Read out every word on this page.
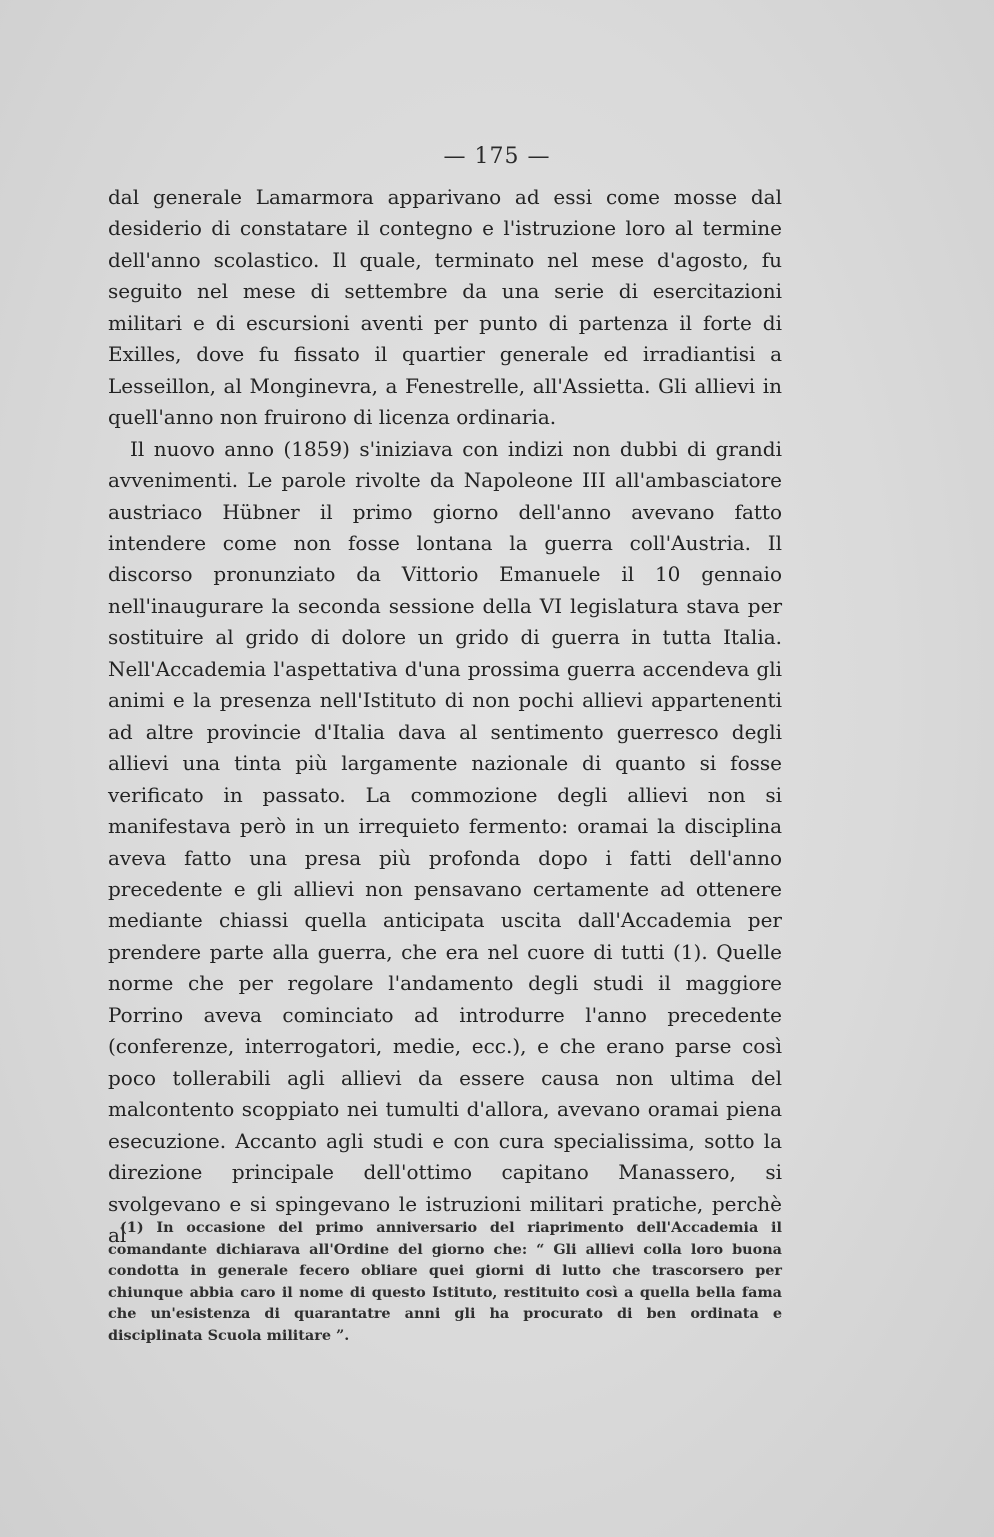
— 175 —

dal generale Lamarmora apparivano ad essi come mosse dal desiderio di constatare il contegno e l'istruzione loro al termine dell'anno scolastico. Il quale, terminato nel mese d'agosto, fu seguito nel mese di settembre da una serie di esercitazioni militari e di escursioni aventi per punto di partenza il forte di Exilles, dove fu fissato il quartier generale ed irradiantisi a Lesseillon, al Monginevra, a Fenestrelle, all'Assietta. Gli allievi in quell'anno non fruirono di licenza ordinaria.

Il nuovo anno (1859) s'iniziava con indizi non dubbi di grandi avvenimenti. Le parole rivolte da Napoleone III all'ambasciatore austriaco Hübner il primo giorno dell'anno avevano fatto intendere come non fosse lontana la guerra coll'Austria. Il discorso pronunziato da Vittorio Emanuele il 10 gennaio nell'inaugurare la seconda sessione della VI legislatura stava per sostituire al grido di dolore un grido di guerra in tutta Italia. Nell'Accademia l'aspettativa d'una prossima guerra accendeva gli animi e la presenza nell'Istituto di non pochi allievi appartenenti ad altre provincie d'Italia dava al sentimento guerresco degli allievi una tinta più largamente nazionale di quanto si fosse verificato in passato. La commozione degli allievi non si manifestava però in un irrequieto fermento: oramai la disciplina aveva fatto una presa più profonda dopo i fatti dell'anno precedente e gli allievi non pensavano certamente ad ottenere mediante chiassi quella anticipata uscita dall'Accademia per prendere parte alla guerra, che era nel cuore di tutti (1). Quelle norme che per regolare l'andamento degli studi il maggiore Porrino aveva cominciato ad introdurre l'anno precedente (conferenze, interrogatori, medie, ecc.), e che erano parse così poco tollerabili agli allievi da essere causa non ultima del malcontento scoppiato nei tumulti d'allora, avevano oramai piena esecuzione. Accanto agli studi e con cura specialissima, sotto la direzione principale dell'ottimo capitano Manassero, si svolgevano e si spingevano le istruzioni militari pratiche, perchè al

(1) In occasione del primo anniversario del riaprimento dell'Accademia il comandante dichiarava all'Ordine del giorno che: “ Gli allievi colla loro buona condotta in generale fecero obliare quei giorni di lutto che trascorsero per chiunque abbia caro il nome di questo Istituto, restituito così a quella bella fama che un'esistenza di quarantatre anni gli ha procurato di ben ordinata e disciplinata Scuola militare ”.
